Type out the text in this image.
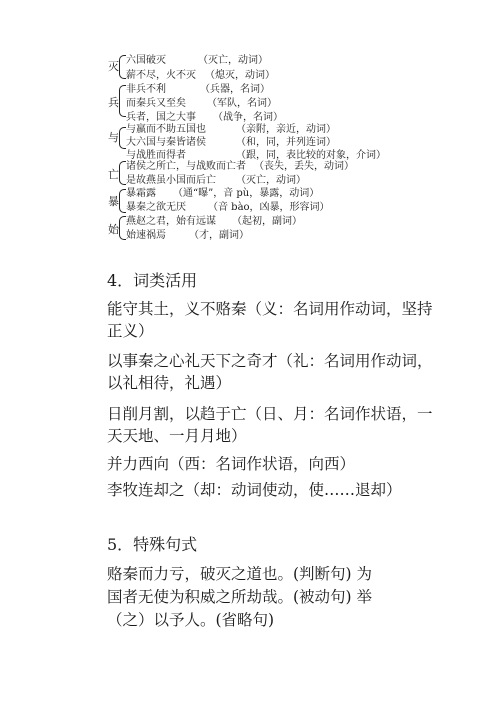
灭 六国破灭	（灭亡，动词）
薪不尽，火不灭 （熄灭，动词）
兵
非兵不利	（兵器，名词）
而秦兵又至矣 （军队，名词）
兵者，国之大事 （战争，名词）
与
与嬴而不助五国也	（亲附，亲近，动词）
大六国与秦皆诸侯	（和，同，并列连词）
与战胜而得者	（跟，同，表比较的对象，介词）
亡
诸侯之所亡，与战败而亡者 （丧失，丢失，动词）
是故燕虽小国而后亡 （灭亡，动词）
暴
暴霜露 （通“曝”，音 pù，暴露，动词）
暴秦之欲无厌 （音 bào，凶暴，形容词）
始
燕赵之君，始有远谋 （起初，副词）
始速祸焉 （才，副词）
4．词类活用
能守其土，义不赂秦（义：名词用作动词，坚持
正义）
以事秦之心礼天下之奇才（礼：名词用作动词，
以礼相待，礼遇）
日削月割，以趋于亡（日、月：名词作状语，一
天天地、一月月地）
并力西向（西：名词作状语，向西）
李牧连却之（却：动词使动，使……退却）
5．特殊句式
赂秦而力亏，破灭之道也。(判断句) 为
国者无使为积威之所劫哉。(被动句) 举
（之）以予人。(省略句)
